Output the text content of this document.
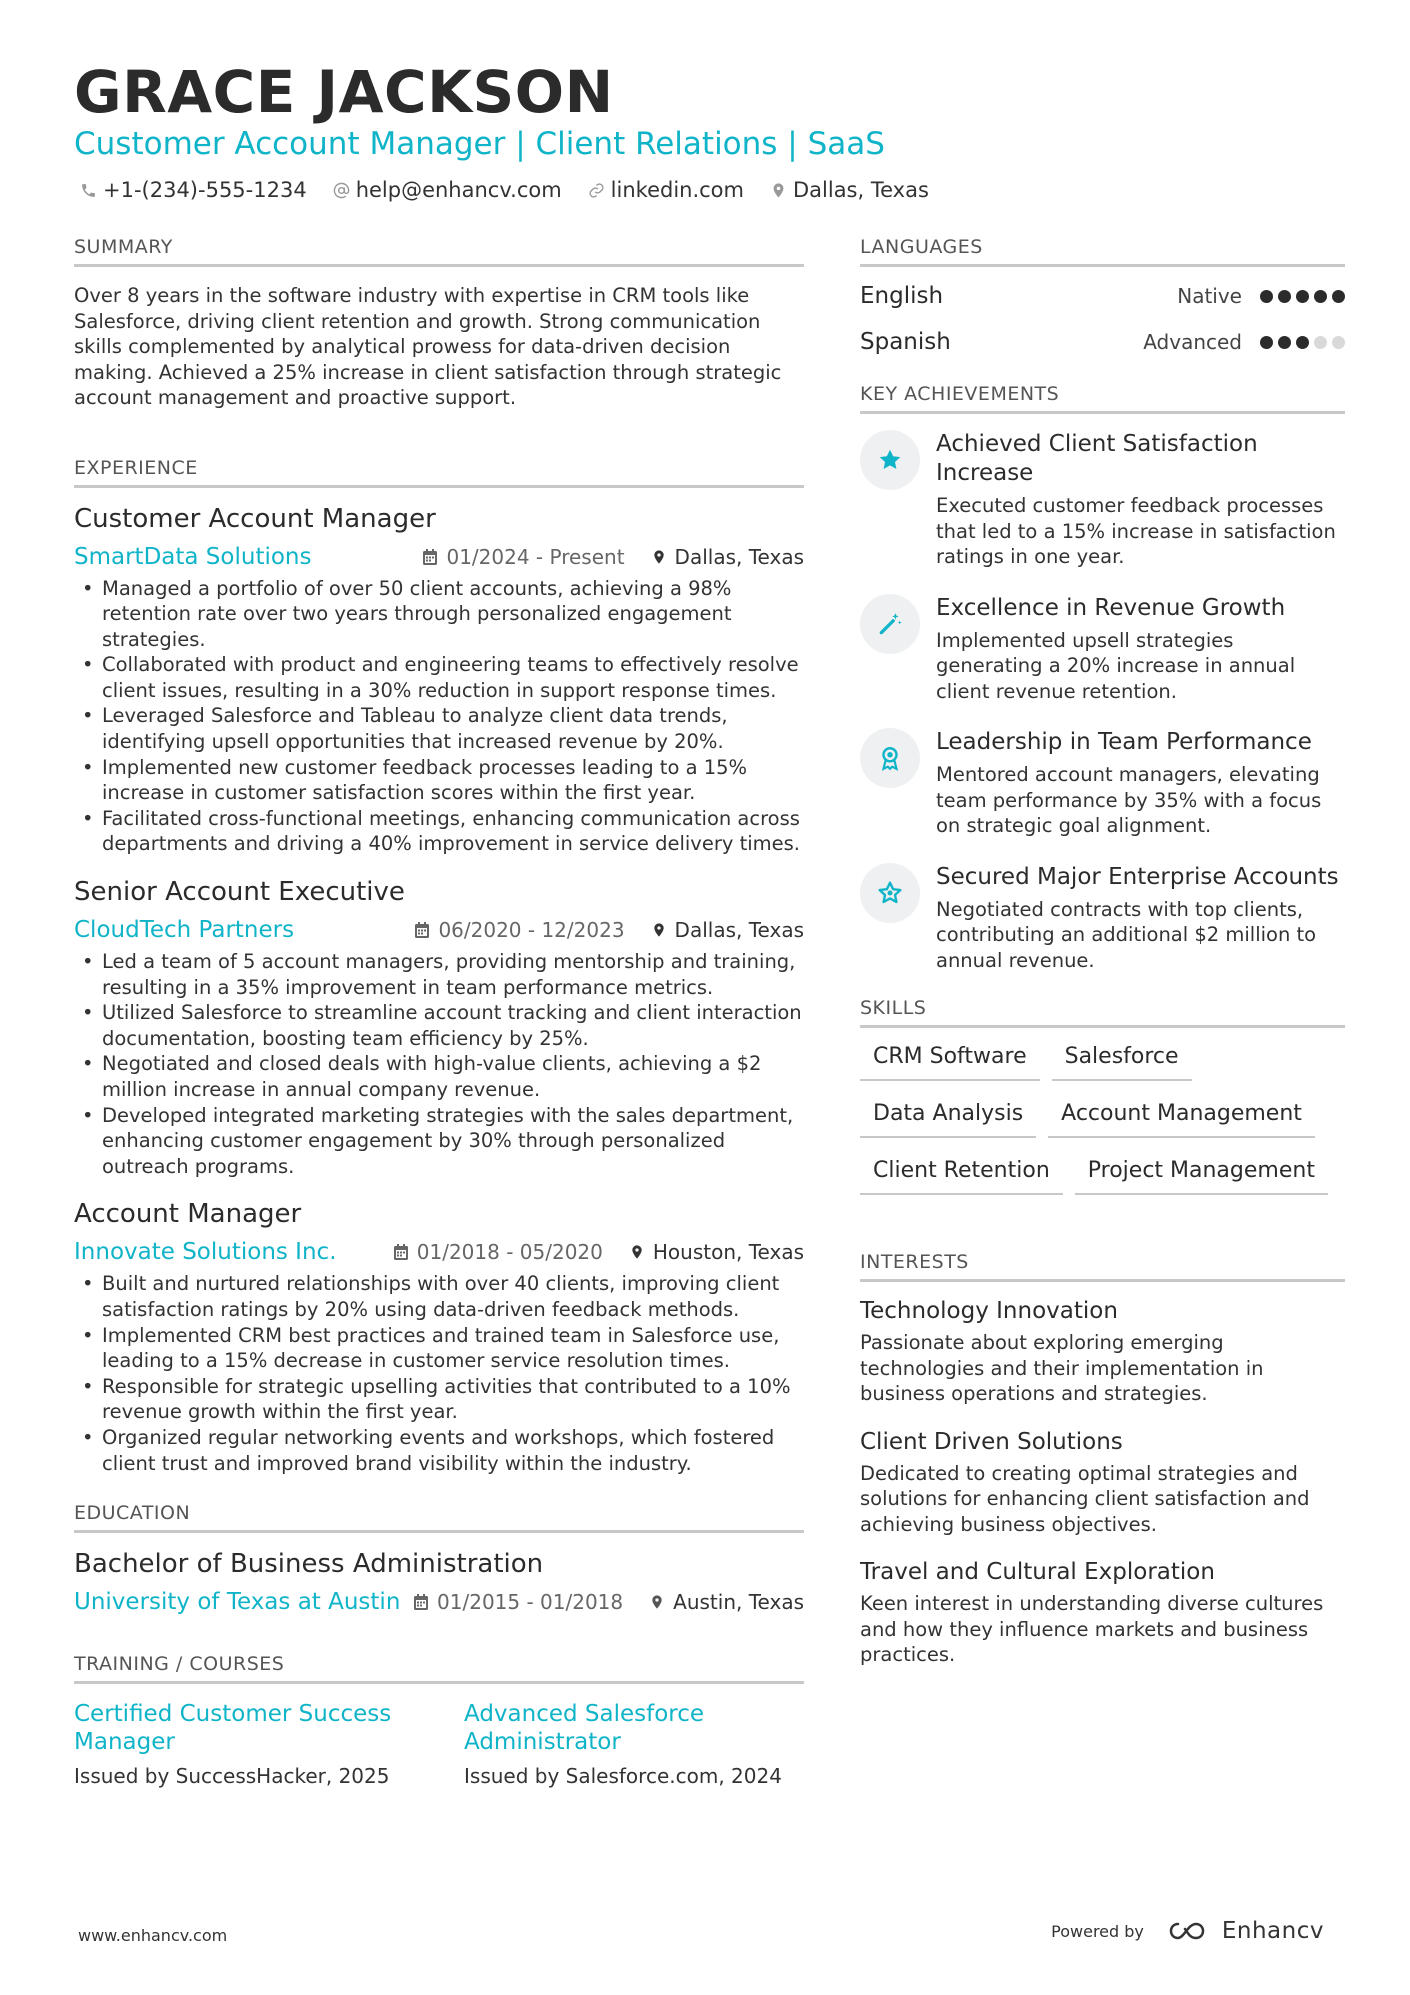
GRACE JACKSON
Customer Account Manager | Client Relations | SaaS
+1-(234)-555-1234 help@enhancv.com linkedin.com Dallas, Texas
SUMMARY
Over 8 years in the software industry with expertise in CRM tools like Salesforce, driving client retention and growth. Strong communication skills complemented by analytical prowess for data-driven decision making. Achieved a 25% increase in client satisfaction through strategic account management and proactive support.
EXPERIENCE
Customer Account Manager
SmartData Solutions	01/2024 - Present	Dallas, Texas
• Managed a portfolio of over 50 client accounts, achieving a 98% retention rate over two years through personalized engagement strategies.
• Collaborated with product and engineering teams to effectively resolve client issues, resulting in a 30% reduction in support response times.
• Leveraged Salesforce and Tableau to analyze client data trends, identifying upsell opportunities that increased revenue by 20%.
• Implemented new customer feedback processes leading to a 15% increase in customer satisfaction scores within the first year.
• Facilitated cross-functional meetings, enhancing communication across departments and driving a 40% improvement in service delivery times.
Senior Account Executive
CloudTech Partners	06/2020 - 12/2023	Dallas, Texas
• Led a team of 5 account managers, providing mentorship and training, resulting in a 35% improvement in team performance metrics.
• Utilized Salesforce to streamline account tracking and client interaction documentation, boosting team efficiency by 25%.
• Negotiated and closed deals with high-value clients, achieving a $2 million increase in annual company revenue.
• Developed integrated marketing strategies with the sales department, enhancing customer engagement by 30% through personalized outreach programs.
Account Manager
Innovate Solutions Inc.	01/2018 - 05/2020	Houston, Texas
• Built and nurtured relationships with over 40 clients, improving client satisfaction ratings by 20% using data-driven feedback methods.
• Implemented CRM best practices and trained team in Salesforce use, leading to a 15% decrease in customer service resolution times.
• Responsible for strategic upselling activities that contributed to a 10% revenue growth within the first year.
• Organized regular networking events and workshops, which fostered client trust and improved brand visibility within the industry.
EDUCATION
Bachelor of Business Administration
University of Texas at Austin 01/2015 - 01/2018	Austin, Texas
TRAINING / COURSES
Certified Customer Success Manager
Issued by SuccessHacker, 2025
Advanced Salesforce Administrator
Issued by Salesforce.com, 2024
LANGUAGES
English	Native
Spanish	Advanced
KEY ACHIEVEMENTS
Achieved Client Satisfaction Increase
Executed customer feedback processes that led to a 15% increase in satisfaction ratings in one year.
Excellence in Revenue Growth
Implemented upsell strategies generating a 20% increase in annual client revenue retention.
Leadership in Team Performance
Mentored account managers, elevating team performance by 35% with a focus on strategic goal alignment.
Secured Major Enterprise Accounts
Negotiated contracts with top clients, contributing an additional $2 million to annual revenue.
SKILLS
CRM Software	Salesforce
Data Analysis	Account Management
Client Retention	Project Management
INTERESTS
Technology Innovation
Passionate about exploring emerging technologies and their implementation in business operations and strategies.
Client Driven Solutions
Dedicated to creating optimal strategies and solutions for enhancing client satisfaction and achieving business objectives.
Travel and Cultural Exploration
Keen interest in understanding diverse cultures and how they influence markets and business practices.
www.enhancv.com	Powered by	Enhancv
